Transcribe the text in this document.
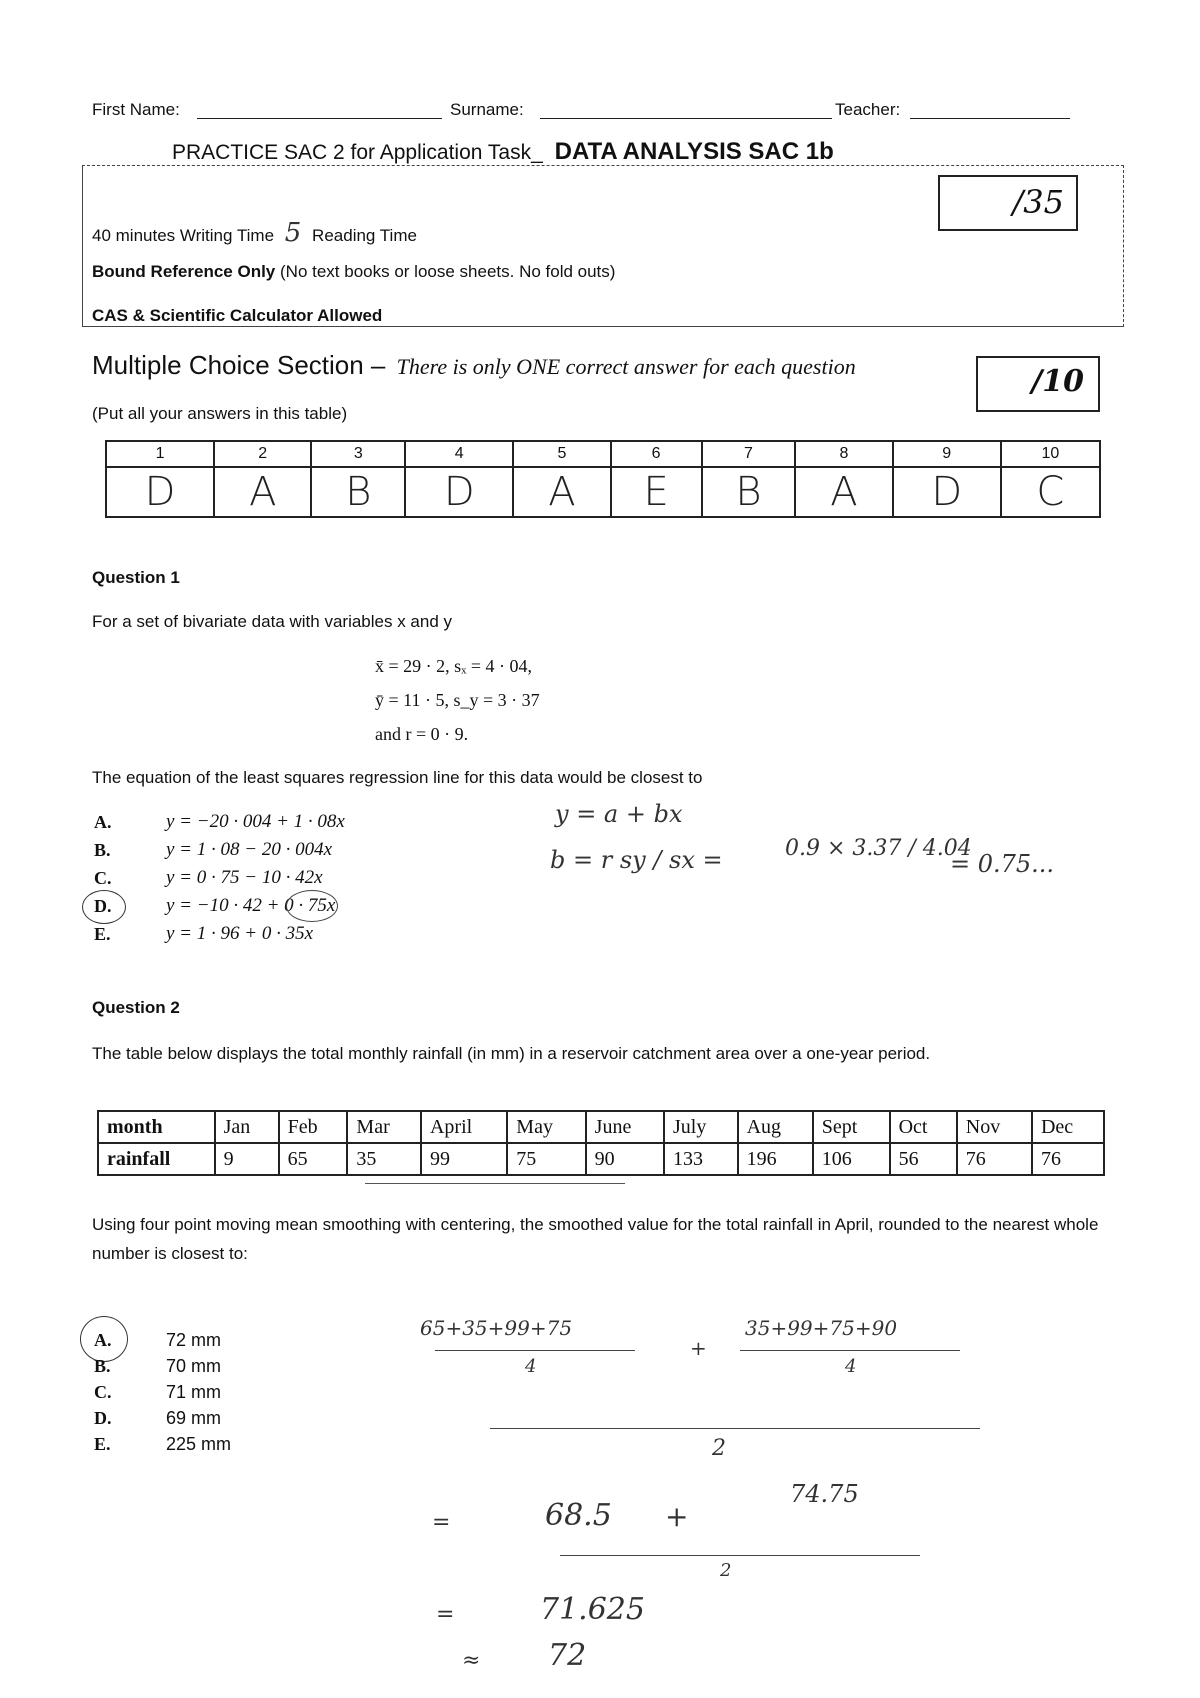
First Name:	Surname:	Teacher:
PRACTICE SAC 2 for Application Task_ DATA ANALYSIS SAC 1b
40 minutes Writing Time 5 Reading Time
Bound Reference Only (No text books or loose sheets. No fold outs)
CAS & Scientific Calculator Allowed
/35
Multiple Choice Section – There is only ONE correct answer for each question	/10
(Put all your answers in this table)
1	2	3	4	5	6	7	8	9	10
D	A	B	D	A	E	B	A	D	C
Question 1
For a set of bivariate data with variables x and y
x̄ = 29 · 2, sₓ = 4 · 04,
ȳ = 11 · 5, s_y = 3 · 37
and r = 0 · 9.
The equation of the least squares regression line for this data would be closest to
A.	y = −20 · 004 + 1 · 08x
B.	y = 1 · 08 − 20 · 004x
C.	y = 0 · 75 − 10 · 42x
D.	y = −10 · 42 + 0 · 75x
E.	y = 1 · 96 + 0 · 35x
y = a + bx
b = r sy / sx =	0.9 × 3.37 / 4.04
= 0.75...
Question 2
The table below displays the total monthly rainfall (in mm) in a reservoir catchment area over a one-year period.
month	Jan	Feb	Mar	April	May	June	July	Aug	Sept	Oct	Nov	Dec
rainfall	9	65	35	99	75	90	133	196	106	56	76	76
Using four point moving mean smoothing with centering, the smoothed value for the total rainfall in April, rounded to the nearest whole number is closest to:
A.	72 mm
B.	70 mm
C.	71 mm
D.	69 mm
E.	225 mm
65+35+99+75
4
+
35+99+75+90
4
2
=	68.5 +
74.75
2
=	71.625
≈ 72
